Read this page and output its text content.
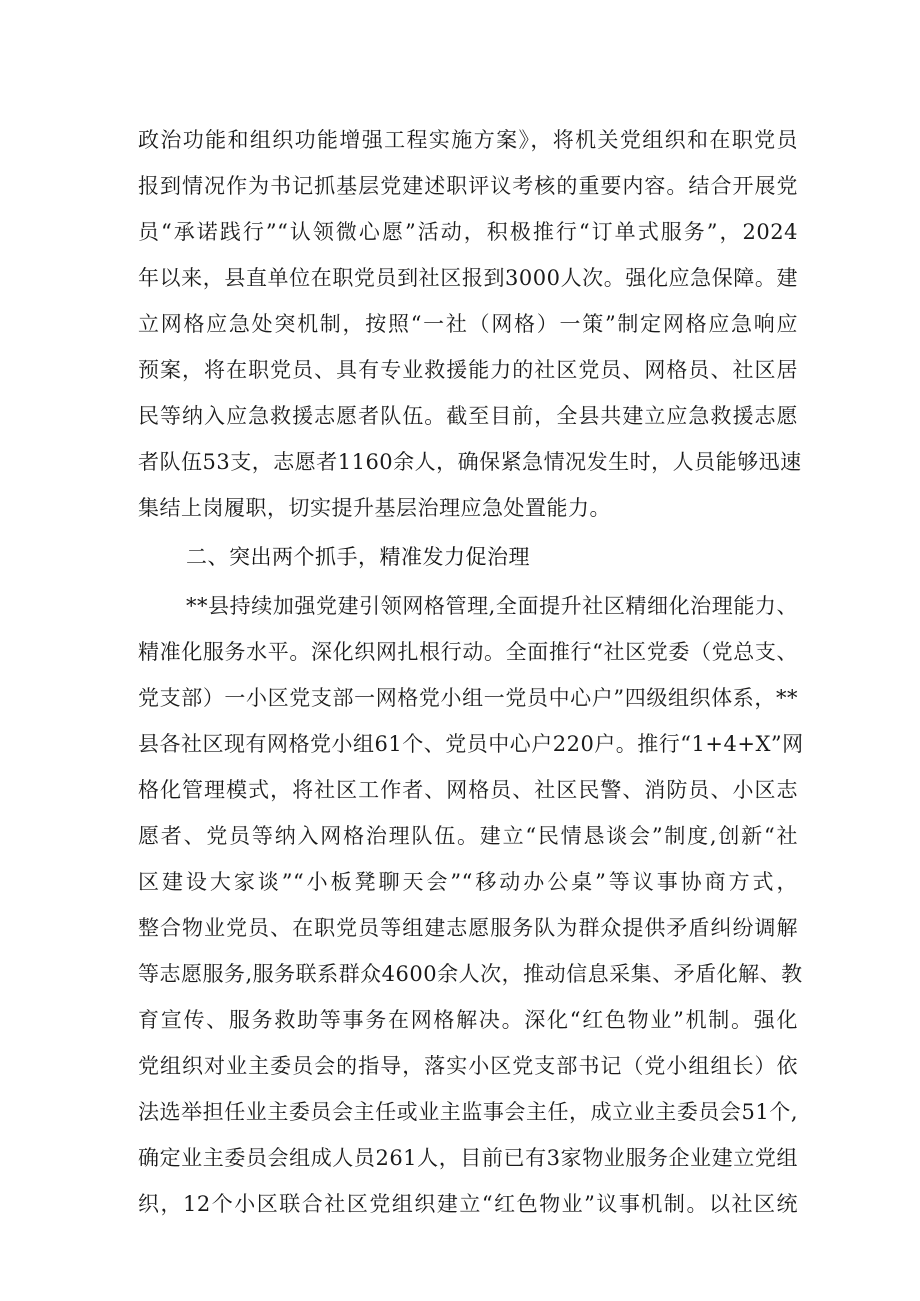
政治功能和组织功能增强工程实施方案》，将机关党组织和在职党员
报到情况作为书记抓基层党建述职评议考核的重要内容。结合开展党
员“承诺践行”“认领微心愿”活动，积极推行“订单式服务”，2024
年以来，县直单位在职党员到社区报到3000人次。强化应急保障。建
立网格应急处突机制，按照“一社（网格）一策”制定网格应急响应
预案，将在职党员、具有专业救援能力的社区党员、网格员、社区居
民等纳入应急救援志愿者队伍。截至目前，全县共建立应急救援志愿
者队伍53支，志愿者1160余人，确保紧急情况发生时，人员能够迅速
集结上岗履职，切实提升基层治理应急处置能力。
二、突出两个抓手，精准发力促治理
**县持续加强党建引领网格管理,全面提升社区精细化治理能力、
精准化服务水平。深化织网扎根行动。全面推行“社区党委（党总支、
党支部）一小区党支部一网格党小组一党员中心户”四级组织体系，**
县各社区现有网格党小组61个、党员中心户220户。推行“1+4+X”网
格化管理模式，将社区工作者、网格员、社区民警、消防员、小区志
愿者、党员等纳入网格治理队伍。建立“民情恳谈会”制度,创新“社
区建设大家谈”“小板凳聊天会”“移动办公桌”等议事协商方式，
整合物业党员、在职党员等组建志愿服务队为群众提供矛盾纠纷调解
等志愿服务,服务联系群众4600余人次，推动信息采集、矛盾化解、教
育宣传、服务救助等事务在网格解决。深化“红色物业”机制。强化
党组织对业主委员会的指导，落实小区党支部书记（党小组组长）依
法选举担任业主委员会主任或业主监事会主任，成立业主委员会51个,
确定业主委员会组成人员261人，目前已有3家物业服务企业建立党组
织，12个小区联合社区党组织建立“红色物业”议事机制。以社区统
